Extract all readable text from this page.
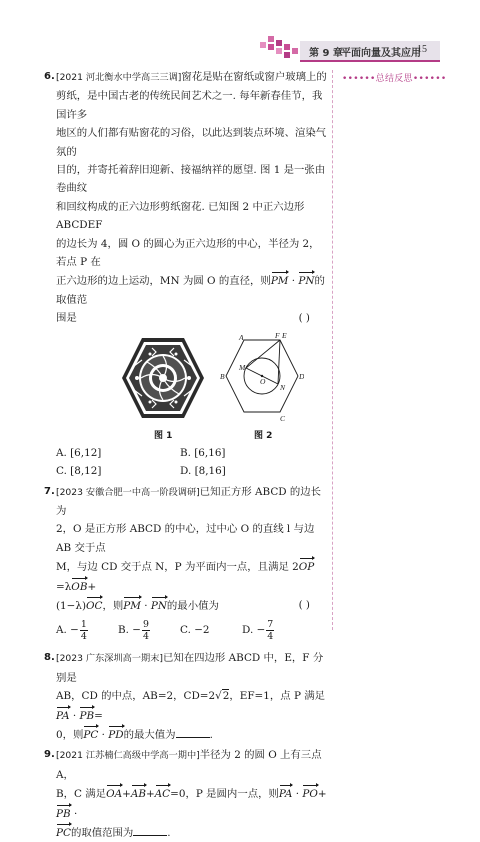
第 9 章
平面向量及其应用
15
••••••总结反思••••••
6. [2021 河北衡水中学高三三调]窗花是贴在窗纸或窗户玻璃上的
剪纸，是中国古老的传统民间艺术之一. 每年新春佳节，我国许多
地区的人们都有贴窗花的习俗，以此达到装点环境、渲染气氛的
目的，并寄托着辞旧迎新、接福纳祥的愿望. 图 1 是一张由卷曲纹
和回纹构成的正六边形剪纸窗花. 已知图 2 中正六边形 ABCDEF
的边长为 4，圆 O 的圆心为正六边形的中心，半径为 2，若点 P 在
正六边形的边上运动，MN 为圆 O 的直径，则PM · PN的取值范
围是	( )
图 1
A	F E
B	D
C
O
M
N
图 2
A. [6,12]	B. [6,16]
C. [8,12]	D. [8,16]
7. [2023 安徽合肥一中高一阶段调研]已知正方形 ABCD 的边长为
2，O 是正方形 ABCD 的中心，过中心 O 的直线 l 与边 AB 交于点
M，与边 CD 交于点 N，P 为平面内一点，且满足 2OP=λOB+
(1−λ)OC，则PM · PN的最小值为	( )
A.
− $\frac{1}{4}$	B.
− $\frac{9}{4}$	C.
−2	D.
− $\frac{7}{4}$
8. [2023 广东深圳高一期末]已知在四边形 ABCD 中，E，F 分别是
AB，CD 的中点，AB=2，CD=2√2，EF=1，点 P 满足PA · PB=
0，则PC · PD的最大值为	.
9. [2021 江苏楠仁高级中学高一期中]半径为 2 的圆 O 上有三点 A，
B，C 满足OA+AB+AC=0，P 是圆内一点，则PA · PO+PB ·
PC的取值范围为	.
